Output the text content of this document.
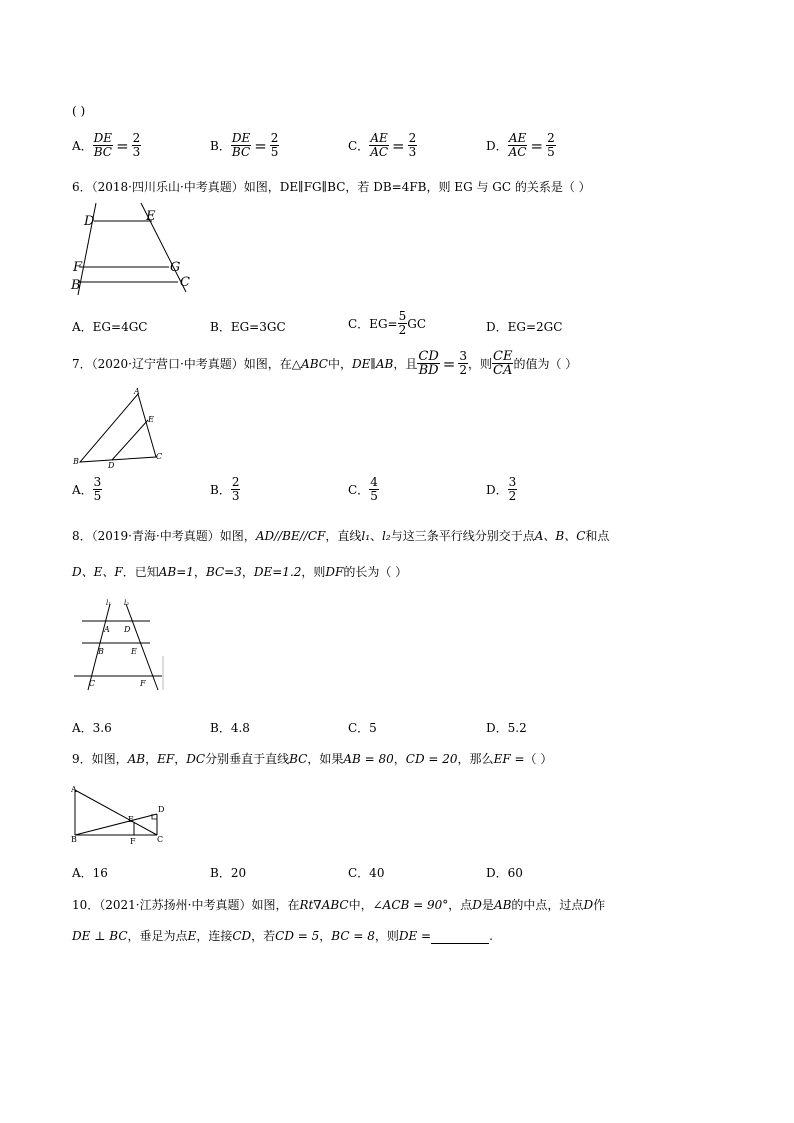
( )
A． $\frac{DE}{BC} = \frac{2}{3}$	B． $\frac{DE}{BC} = \frac{2}{5}$	C． $\frac{AE}{AC} = \frac{2}{3}$	D． $\frac{AE}{AC} = \frac{2}{5}$
6．（2018·四川乐山·中考真题）如图，DE∥FG∥BC，若 DB=4FB，则 EG 与 GC 的关系是（ ）
D	E
F	G
B	C
A．EG=4GC	B．EG=3GC	C．$EG= \frac{5}{2}$ GC	D．EG=2GC
7．（2020·辽宁营口·中考真题）如图，在△ ABC 中， DE∥AB ，且 $\frac{CD}{BD} = \frac{3}{2}$ ，则 $\frac{CE}{CA}$ 的值为（ ）
A
E
B	D
C
A． $\frac{3}{5}$	B． $\frac{2}{3}$	C． $\frac{4}{5}$	D． $\frac{3}{2}$
8．（2019·青海·中考真题）如图，AD//BE//CF，直线l₁、l₂与这三条平行线分别交于点A、B、C和点
D、E、F．已知AB=1，BC=3，DE=1.2，则DF的长为（ ）
l₁ l₂
A D
B	E
C	F
A．3.6	B．4.8	C．5	D．5.2
9．如图，AB，EF，DC分别垂直于直线BC，如果AB = 80，CD = 20，那么EF =（ ）
A
B
E
F
D
C
A．16	B．20	C．40	D．60
10．（2021·江苏扬州·中考真题）如图，在Rt∇ABC中，∠ACB = 90°，点D是AB的中点，过点D作
DE ⊥ BC，垂足为点E，连接CD，若CD = 5，BC = 8，则DE =	.
